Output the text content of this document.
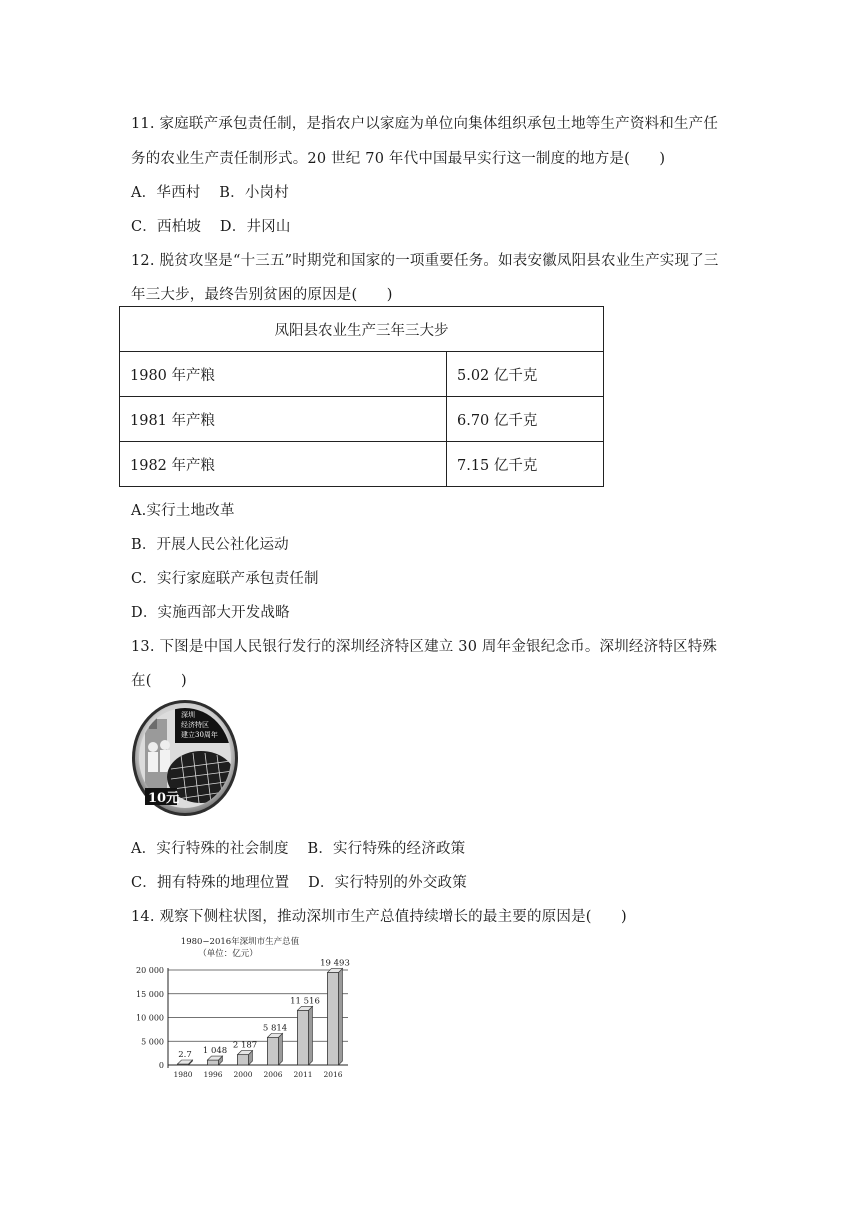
11. 家庭联产承包责任制，是指农户以家庭为单位向集体组织承包土地等生产资料和生产任
务的农业生产责任制形式。20 世纪 70 年代中国最早实行这一制度的地方是(　　)
A．华西村 B．小岗村
C．西柏坡 D．井冈山
12. 脱贫攻坚是“十三五”时期党和国家的一项重要任务。如表安徽凤阳县农业生产实现了三
年三大步，最终告别贫困的原因是(　　)
凤阳县农业生产三年三大步	
1980 年产粮	5.02 亿千克
1981 年产粮	6.70 亿千克
1982 年产粮	7.15 亿千克
A.实行土地改革
B．开展人民公社化运动
C．实行家庭联产承包责任制
D．实施西部大开发战略
13. 下图是中国人民银行发行的深圳经济特区建立 30 周年金银纪念币。深圳经济特区特殊
在(　　)
深圳
经济特区
建立30周年
10元
A．实行特殊的社会制度 B．实行特殊的经济政策
C．拥有特殊的地理位置 D．实行特别的外交政策
14. 观察下侧柱状图，推动深圳市生产总值持续增长的最主要的原因是(　　)
1980−2016年深圳市生产总值
（单位：亿元）
0
5 000
10 000
15 000
20 000
2.7
1980
1 048
1996
2 187
2000
5 814
2006
11 516
2011
19 493
2016
